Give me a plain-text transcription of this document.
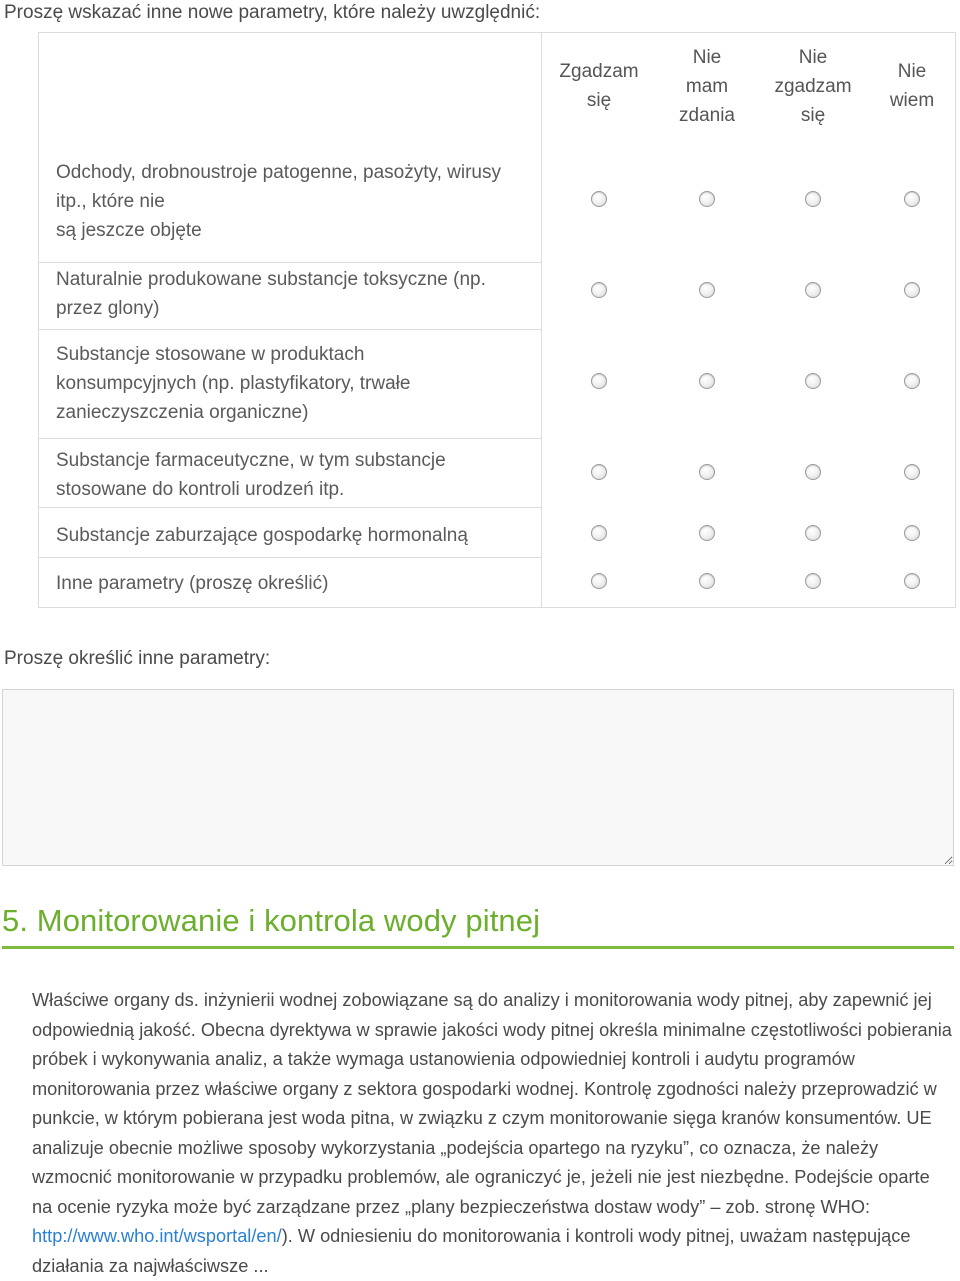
Proszę wskazać inne nowe parametry, które należy uwzględnić:
Zgadzam
się
Nie
mam
zdania
Nie
zgadzam
się
Nie
wiem
Odchody, drobnoustroje patogenne, pasożyty, wirusy
itp., które nie
są jeszcze objęte
Naturalnie produkowane substancje toksyczne (np.
przez glony)
Substancje stosowane w produktach
konsumpcyjnych (np. plastyfikatory, trwałe
zanieczyszczenia organiczne)
Substancje farmaceutyczne, w tym substancje
stosowane do kontroli urodzeń itp.
Substancje zaburzające gospodarkę hormonalną
Inne parametry (proszę określić)
Proszę określić inne parametry:
5. Monitorowanie i kontrola wody pitnej
Właściwe organy ds. inżynierii wodnej zobowiązane są do analizy i monitorowania wody pitnej, aby zapewnić jej odpowiednią jakość. Obecna dyrektywa w sprawie jakości wody pitnej określa minimalne częstotliwości pobierania próbek i wykonywania analiz, a także wymaga ustanowienia odpowiedniej kontroli i audytu programów monitorowania przez właściwe organy z sektora gospodarki wodnej. Kontrolę zgodności należy przeprowadzić w punkcie, w którym pobierana jest woda pitna, w związku z czym monitorowanie sięga kranów konsumentów. UE analizuje obecnie możliwe sposoby wykorzystania „podejścia opartego na ryzyku”, co oznacza, że należy wzmocnić monitorowanie w przypadku problemów, ale ograniczyć je, jeżeli nie jest niezbędne. Podejście oparte na ocenie ryzyka może być zarządzane przez „plany bezpieczeństwa dostaw wody” – zob. stronę WHO: http://www.who.int/wsportal/en/). W odniesieniu do monitorowania i kontroli wody pitnej, uważam następujące działania za najwłaściwsze ...
